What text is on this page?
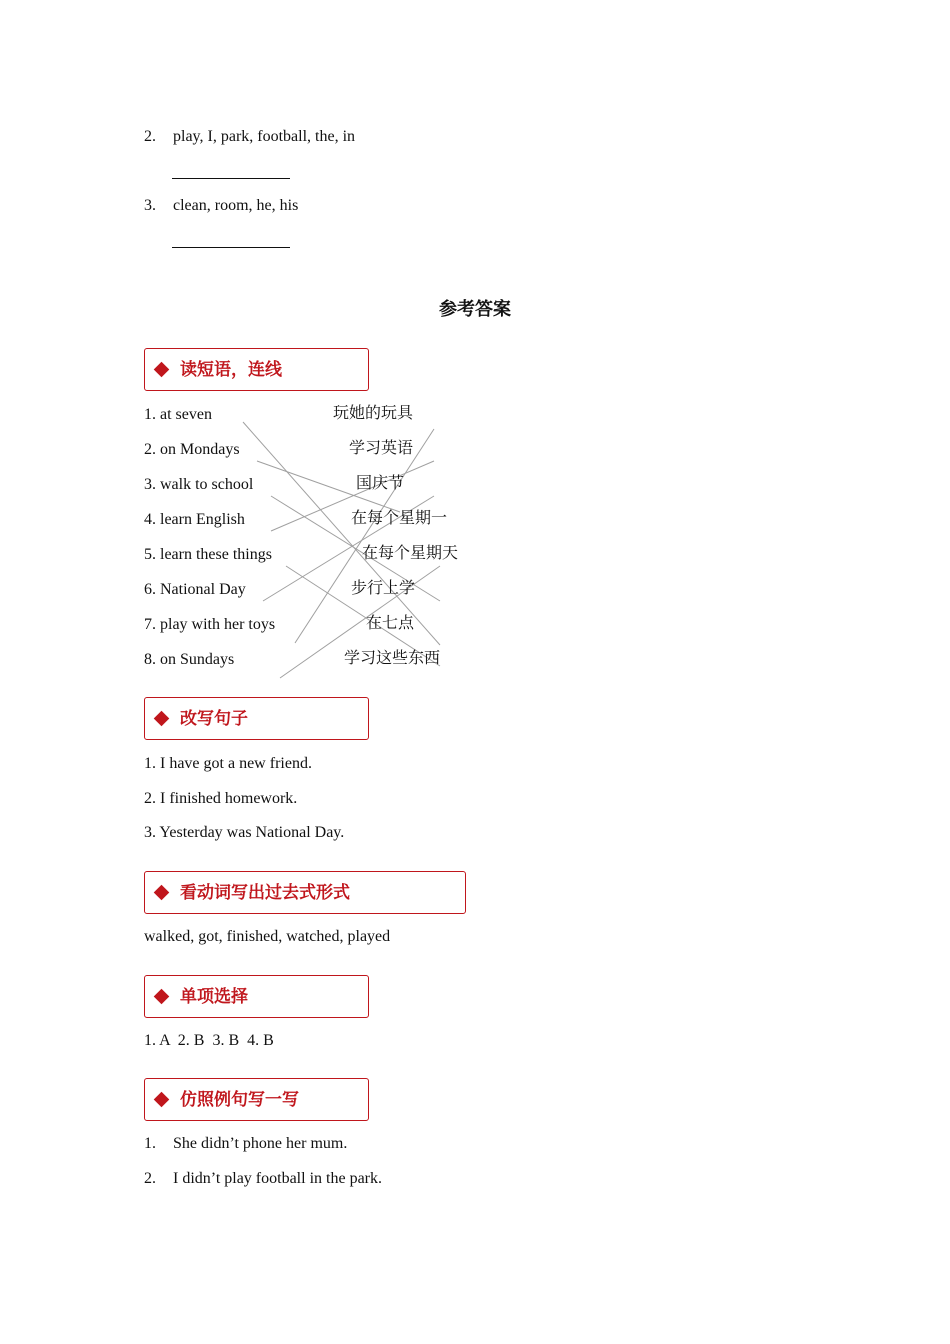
2. play, I, park, football, the, in
3. clean, room, he, his
参考答案
读短语，连线
1. at seven
2. on Mondays
3. walk to school
4. learn English
5. learn these things
6. National Day
7. play with her toys
8. on Sundays
玩她的玩具
学习英语
国庆节
在每个星期一
在每个星期天
步行上学
在七点
学习这些东西
改写句子
1. I have got a new friend.
2. I finished homework.
3. Yesterday was National Day.
看动词写出过去式形式
walked, got, finished, watched, played
单项选择
1. A  2. B  3. B  4. B
仿照例句写一写
1. She didn’t phone her mum.
2. I didn’t play football in the park.
